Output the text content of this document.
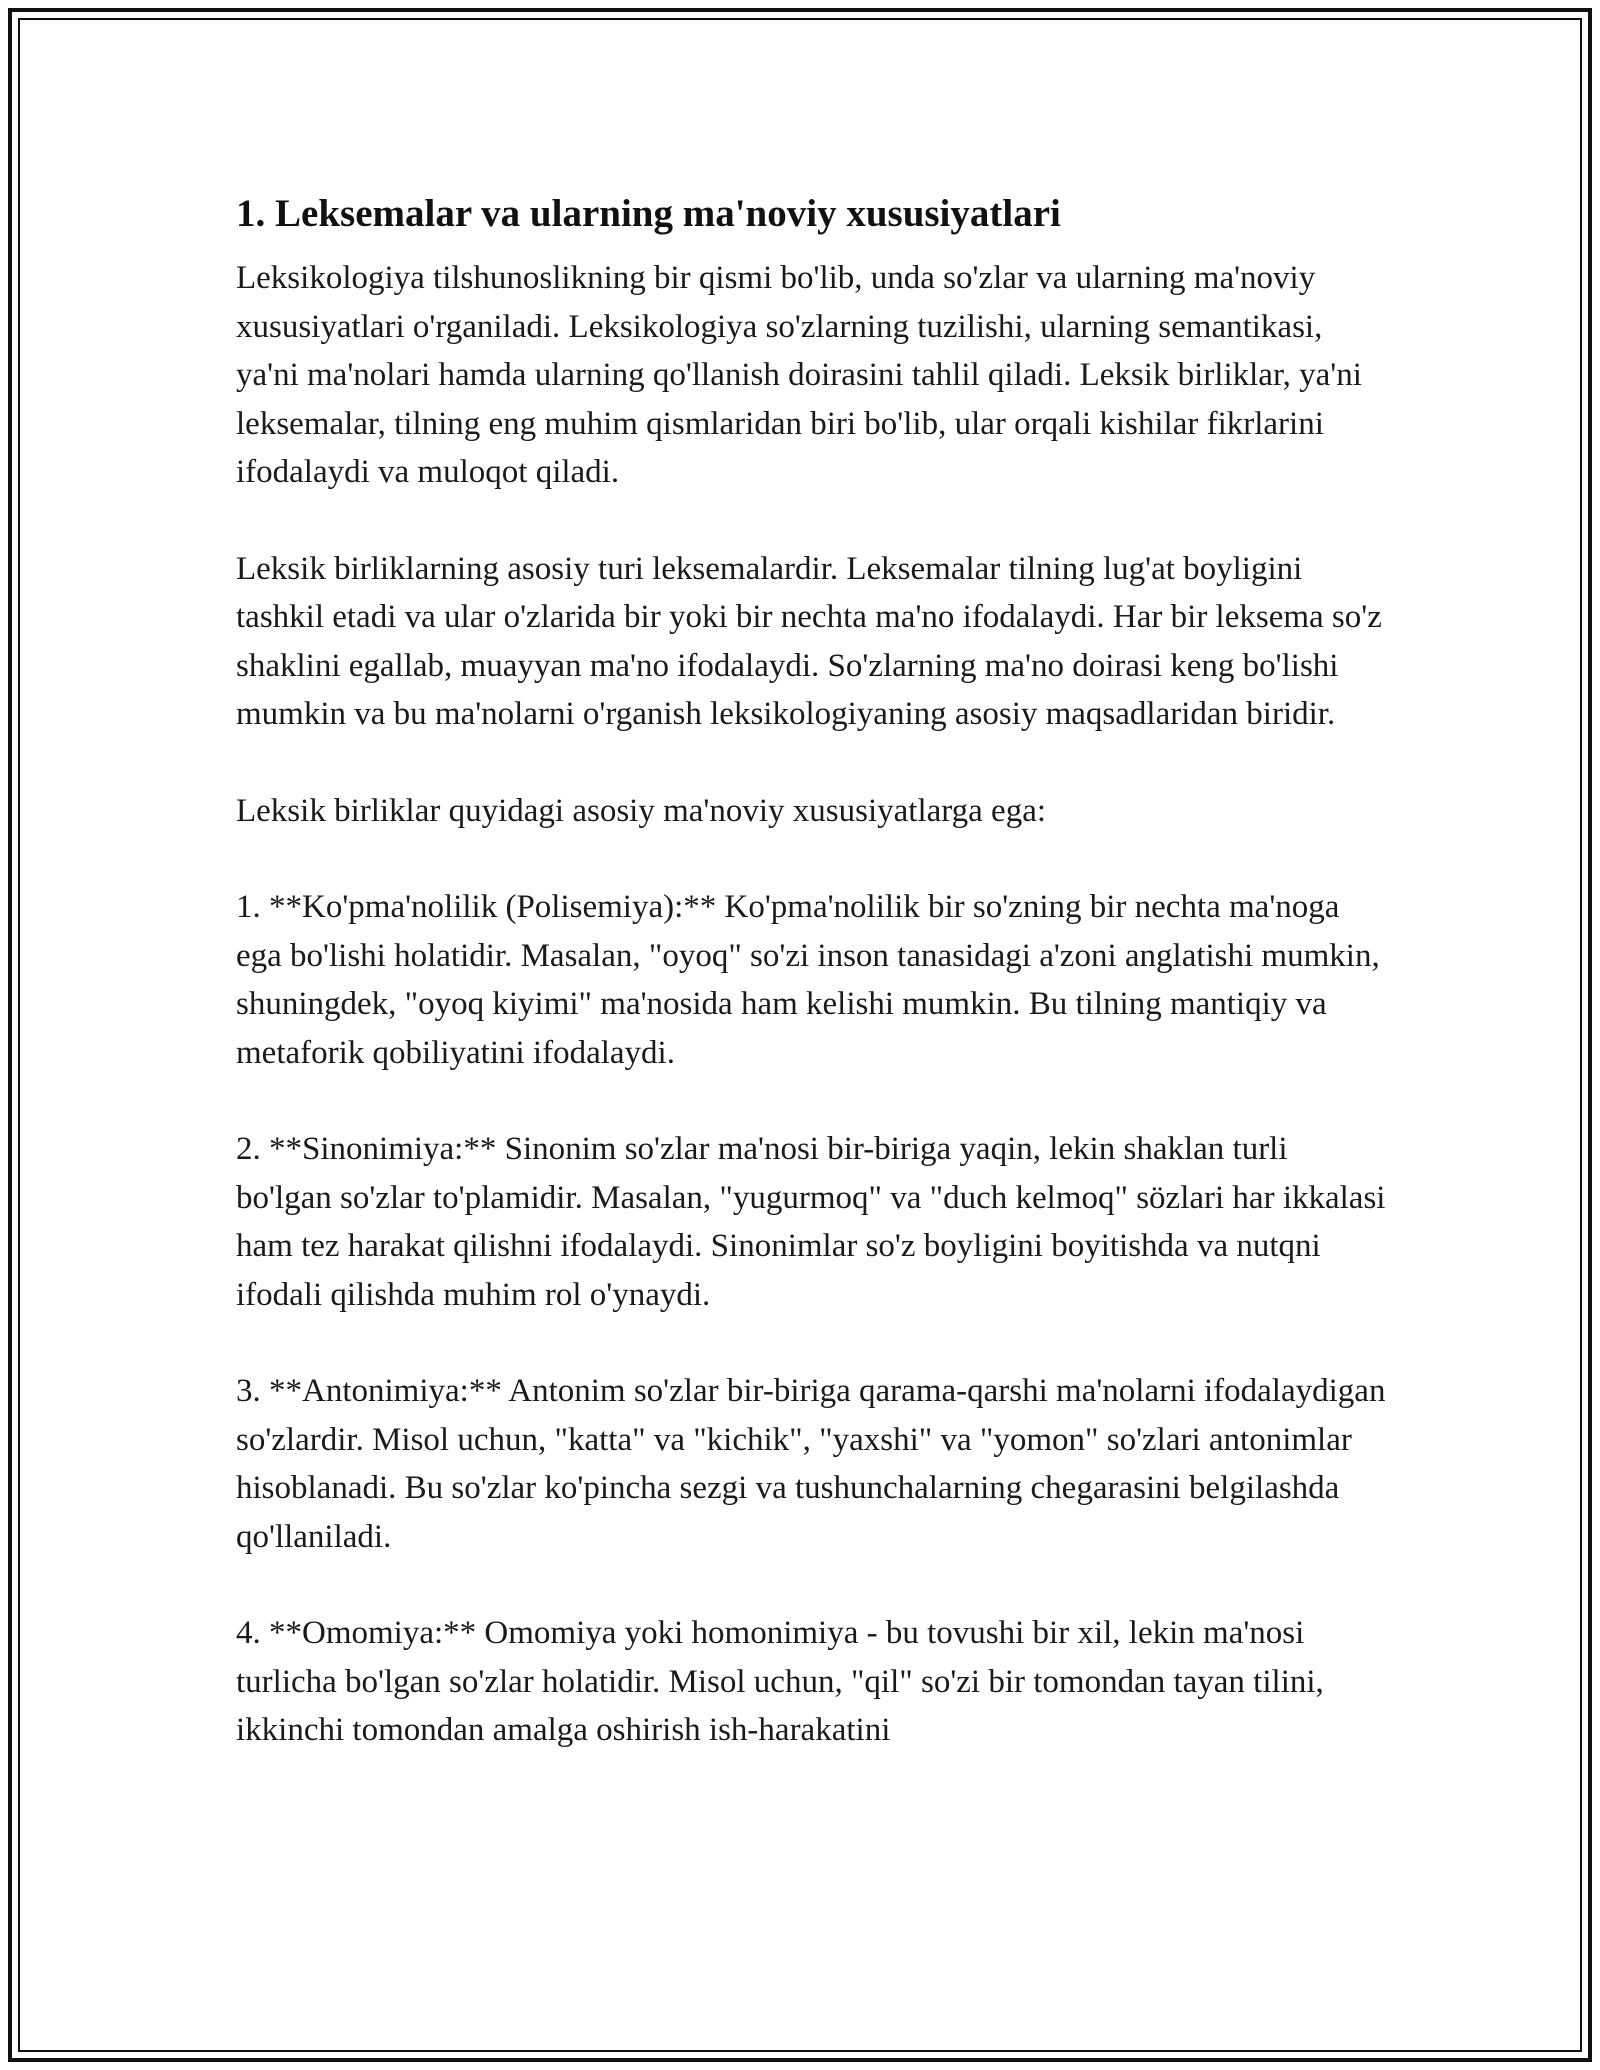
1. Leksemalar va ularning ma'noviy xususiyatlari

Leksikologiya tilshunoslikning bir qismi bo'lib, unda so'zlar va ularning ma'noviy xususiyatlari o'rganiladi. Leksikologiya so'zlarning tuzilishi, ularning semantikasi, ya'ni ma'nolari hamda ularning qo'llanish doirasini tahlil qiladi. Leksik birliklar, ya'ni leksemalar, tilning eng muhim qismlaridan biri bo'lib, ular orqali kishilar fikrlarini ifodalaydi va muloqot qiladi.

Leksik birliklarning asosiy turi leksemalardir. Leksemalar tilning lug'at boyligini tashkil etadi va ular o'zlarida bir yoki bir nechta ma'no ifodalaydi. Har bir leksema so'z shaklini egallab, muayyan ma'no ifodalaydi. So'zlarning ma'no doirasi keng bo'lishi mumkin va bu ma'nolarni o'rganish leksikologiyaning asosiy maqsadlaridan biridir.

Leksik birliklar quyidagi asosiy ma'noviy xususiyatlarga ega:

1. **Ko'pma'nolilik (Polisemiya):** Ko'pma'nolilik bir so'zning bir nechta ma'noga ega bo'lishi holatidir. Masalan, "oyoq" so'zi inson tanasidagi a'zoni anglatishi mumkin, shuningdek, "oyoq kiyimi" ma'nosida ham kelishi mumkin. Bu tilning mantiqiy va metaforik qobiliyatini ifodalaydi.

2. **Sinonimiya:** Sinonim so'zlar ma'nosi bir-biriga yaqin, lekin shaklan turli bo'lgan so'zlar to'plamidir. Masalan, "yugurmoq" va "duch kelmoq" sözlari har ikkalasi ham tez harakat qilishni ifodalaydi. Sinonimlar so'z boyligini boyitishda va nutqni ifodali qilishda muhim rol o'ynaydi.

3. **Antonimiya:** Antonim so'zlar bir-biriga qarama-qarshi ma'nolarni ifodalaydigan so'zlardir. Misol uchun, "katta" va "kichik", "yaxshi" va "yomon" so'zlari antonimlar hisoblanadi. Bu so'zlar ko'pincha sezgi va tushunchalarning chegarasini belgilashda qo'llaniladi.

4. **Omomiya:** Omomiya yoki homonimiya - bu tovushi bir xil, lekin ma'nosi turlicha bo'lgan so'zlar holatidir. Misol uchun, "qil" so'zi bir tomondan tayan tilini, ikkinchi tomondan amalga oshirish ish-harakatini
